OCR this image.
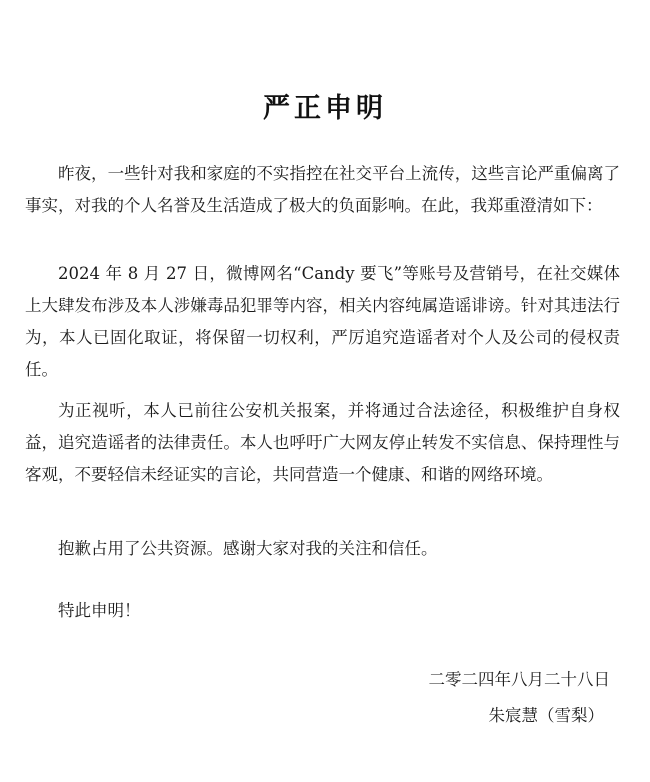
严正申明
昨夜，一些针对我和家庭的不实指控在社交平台上流传，这些言论严重偏离了事实，对我的个人名誉及生活造成了极大的负面影响。在此，我郑重澄清如下：
2024 年 8 月 27 日，微博网名“Candy 要飞”等账号及营销号，在社交媒体上大肆发布涉及本人涉嫌毒品犯罪等内容，相关内容纯属造谣诽谤。针对其违法行为，本人已固化取证，将保留一切权利，严厉追究造谣者对个人及公司的侵权责任。
为正视听，本人已前往公安机关报案，并将通过合法途径，积极维护自身权益，追究造谣者的法律责任。本人也呼吁广大网友停止转发不实信息、保持理性与客观，不要轻信未经证实的言论，共同营造一个健康、和谐的网络环境。
抱歉占用了公共资源。感谢大家对我的关注和信任。
特此申明！
二零二四年八月二十八日
朱宸慧（雪梨）
